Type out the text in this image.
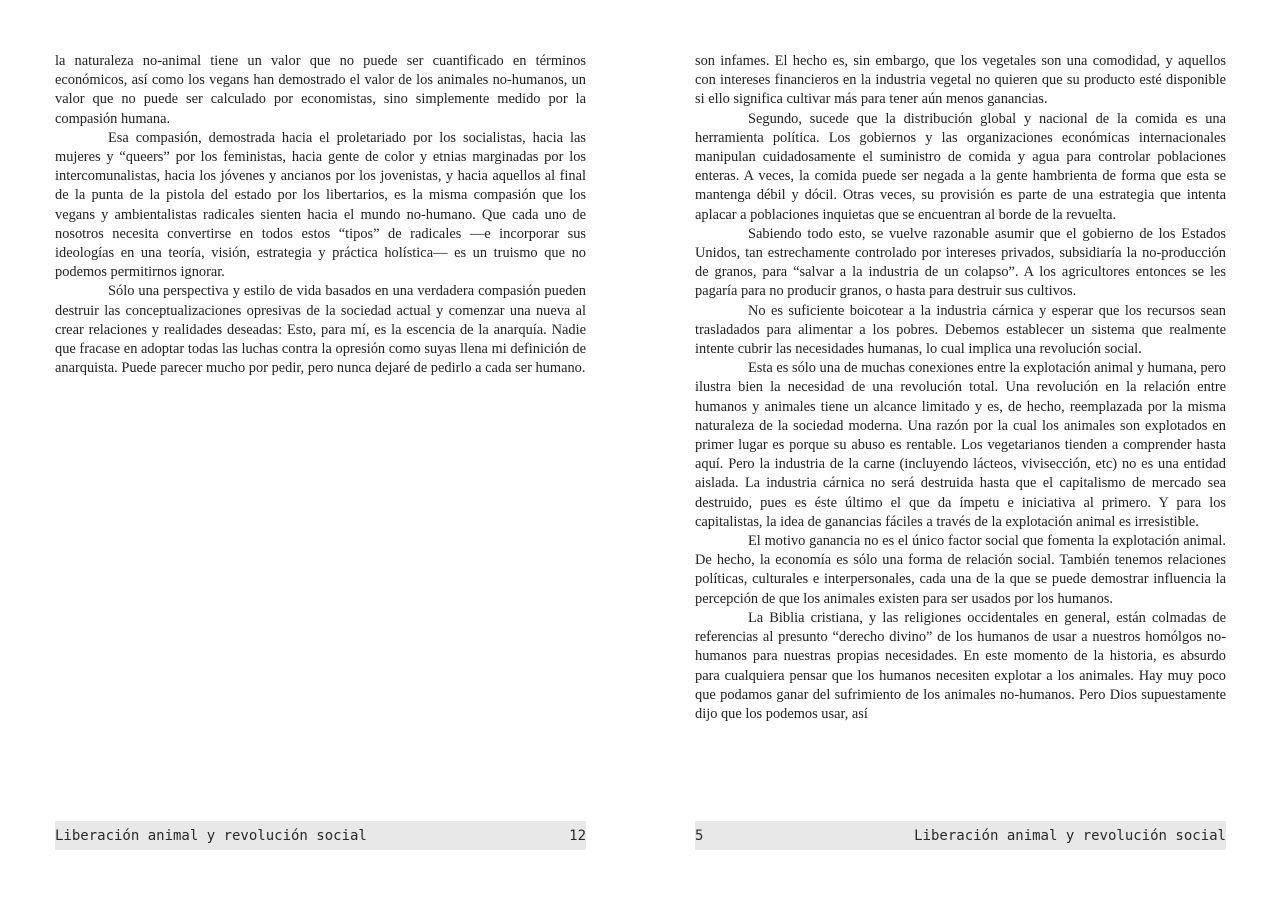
la naturaleza no-animal tiene un valor que no puede ser cuantificado en términos económicos, así como los vegans han demostrado el valor de los animales no-humanos, un valor que no puede ser calculado por economistas, sino simplemente medido por la compasión humana.

Esa compasión, demostrada hacia el proletariado por los socialistas, hacia las mujeres y “queers” por los feministas, hacia gente de color y etnias marginadas por los intercomunalistas, hacia los jóvenes y ancianos por los jovenistas, y hacia aquellos al final de la punta de la pistola del estado por los libertarios, es la misma compasión que los vegans y ambientalistas radicales sienten hacia el mundo no-humano. Que cada uno de nosotros necesita convertirse en todos estos “tipos” de radicales —e incorporar sus ideologías en una teoría, visión, estrategia y práctica holística— es un truismo que no podemos permitirnos ignorar.

Sólo una perspectiva y estilo de vida basados en una verdadera compasión pueden destruir las conceptualizaciones opresivas de la sociedad actual y comenzar una nueva al crear relaciones y realidades deseadas: Esto, para mí, es la escencia de la anarquía. Nadie que fracase en adoptar todas las luchas contra la opresión como suyas llena mi definición de anarquista. Puede parecer mucho por pedir, pero nunca dejaré de pedirlo a cada ser humano.

son infames. El hecho es, sin embargo, que los vegetales son una comodidad, y aquellos con intereses financieros en la industria vegetal no quieren que su producto esté disponible si ello significa cultivar más para tener aún menos ganancias.

Segundo, sucede que la distribución global y nacional de la comida es una herramienta política. Los gobiernos y las organizaciones económicas internacionales manipulan cuidadosamente el suministro de comida y agua para controlar poblaciones enteras. A veces, la comida puede ser negada a la gente hambrienta de forma que esta se mantenga débil y dócil. Otras veces, su provisión es parte de una estrategia que intenta aplacar a poblaciones inquietas que se encuentran al borde de la revuelta.

Sabiendo todo esto, se vuelve razonable asumir que el gobierno de los Estados Unidos, tan estrechamente controlado por intereses privados, subsidiaría la no-producción de granos, para “salvar a la industria de un colapso”. A los agricultores entonces se les pagaría para no producir granos, o hasta para destruir sus cultivos.

No es suficiente boicotear a la industria cárnica y esperar que los recursos sean trasladados para alimentar a los pobres. Debemos establecer un sistema que realmente intente cubrir las necesidades humanas, lo cual implica una revolución social.

Esta es sólo una de muchas conexiones entre la explotación animal y humana, pero ilustra bien la necesidad de una revolución total. Una revolución en la relación entre humanos y animales tiene un alcance limitado y es, de hecho, reemplazada por la misma naturaleza de la sociedad moderna. Una razón por la cual los animales son explotados en primer lugar es porque su abuso es rentable. Los vegetarianos tienden a comprender hasta aquí. Pero la industria de la carne (incluyendo lácteos, vivisección, etc) no es una entidad aislada. La industria cárnica no será destruida hasta que el capitalismo de mercado sea destruido, pues es éste último el que da ímpetu e iniciativa al primero. Y para los capitalistas, la idea de ganancias fáciles a través de la explotación animal es irresistible.

El motivo ganancia no es el único factor social que fomenta la explotación animal. De hecho, la economía es sólo una forma de relación social. También tenemos relaciones políticas, culturales e interpersonales, cada una de la que se puede demostrar influencia la percepción de que los animales existen para ser usados por los humanos.

La Biblia cristiana, y las religiones occidentales en general, están colmadas de referencias al presunto “derecho divino” de los humanos de usar a nuestros homólgos no-humanos para nuestras propias necesidades. En este momento de la historia, es absurdo para cualquiera pensar que los humanos necesiten explotar a los animales. Hay muy poco que podamos ganar del sufrimiento de los animales no-humanos. Pero Dios supuestamente dijo que los podemos usar, así

Liberación animal y revolución social	12	5	Liberación animal y revolución social
